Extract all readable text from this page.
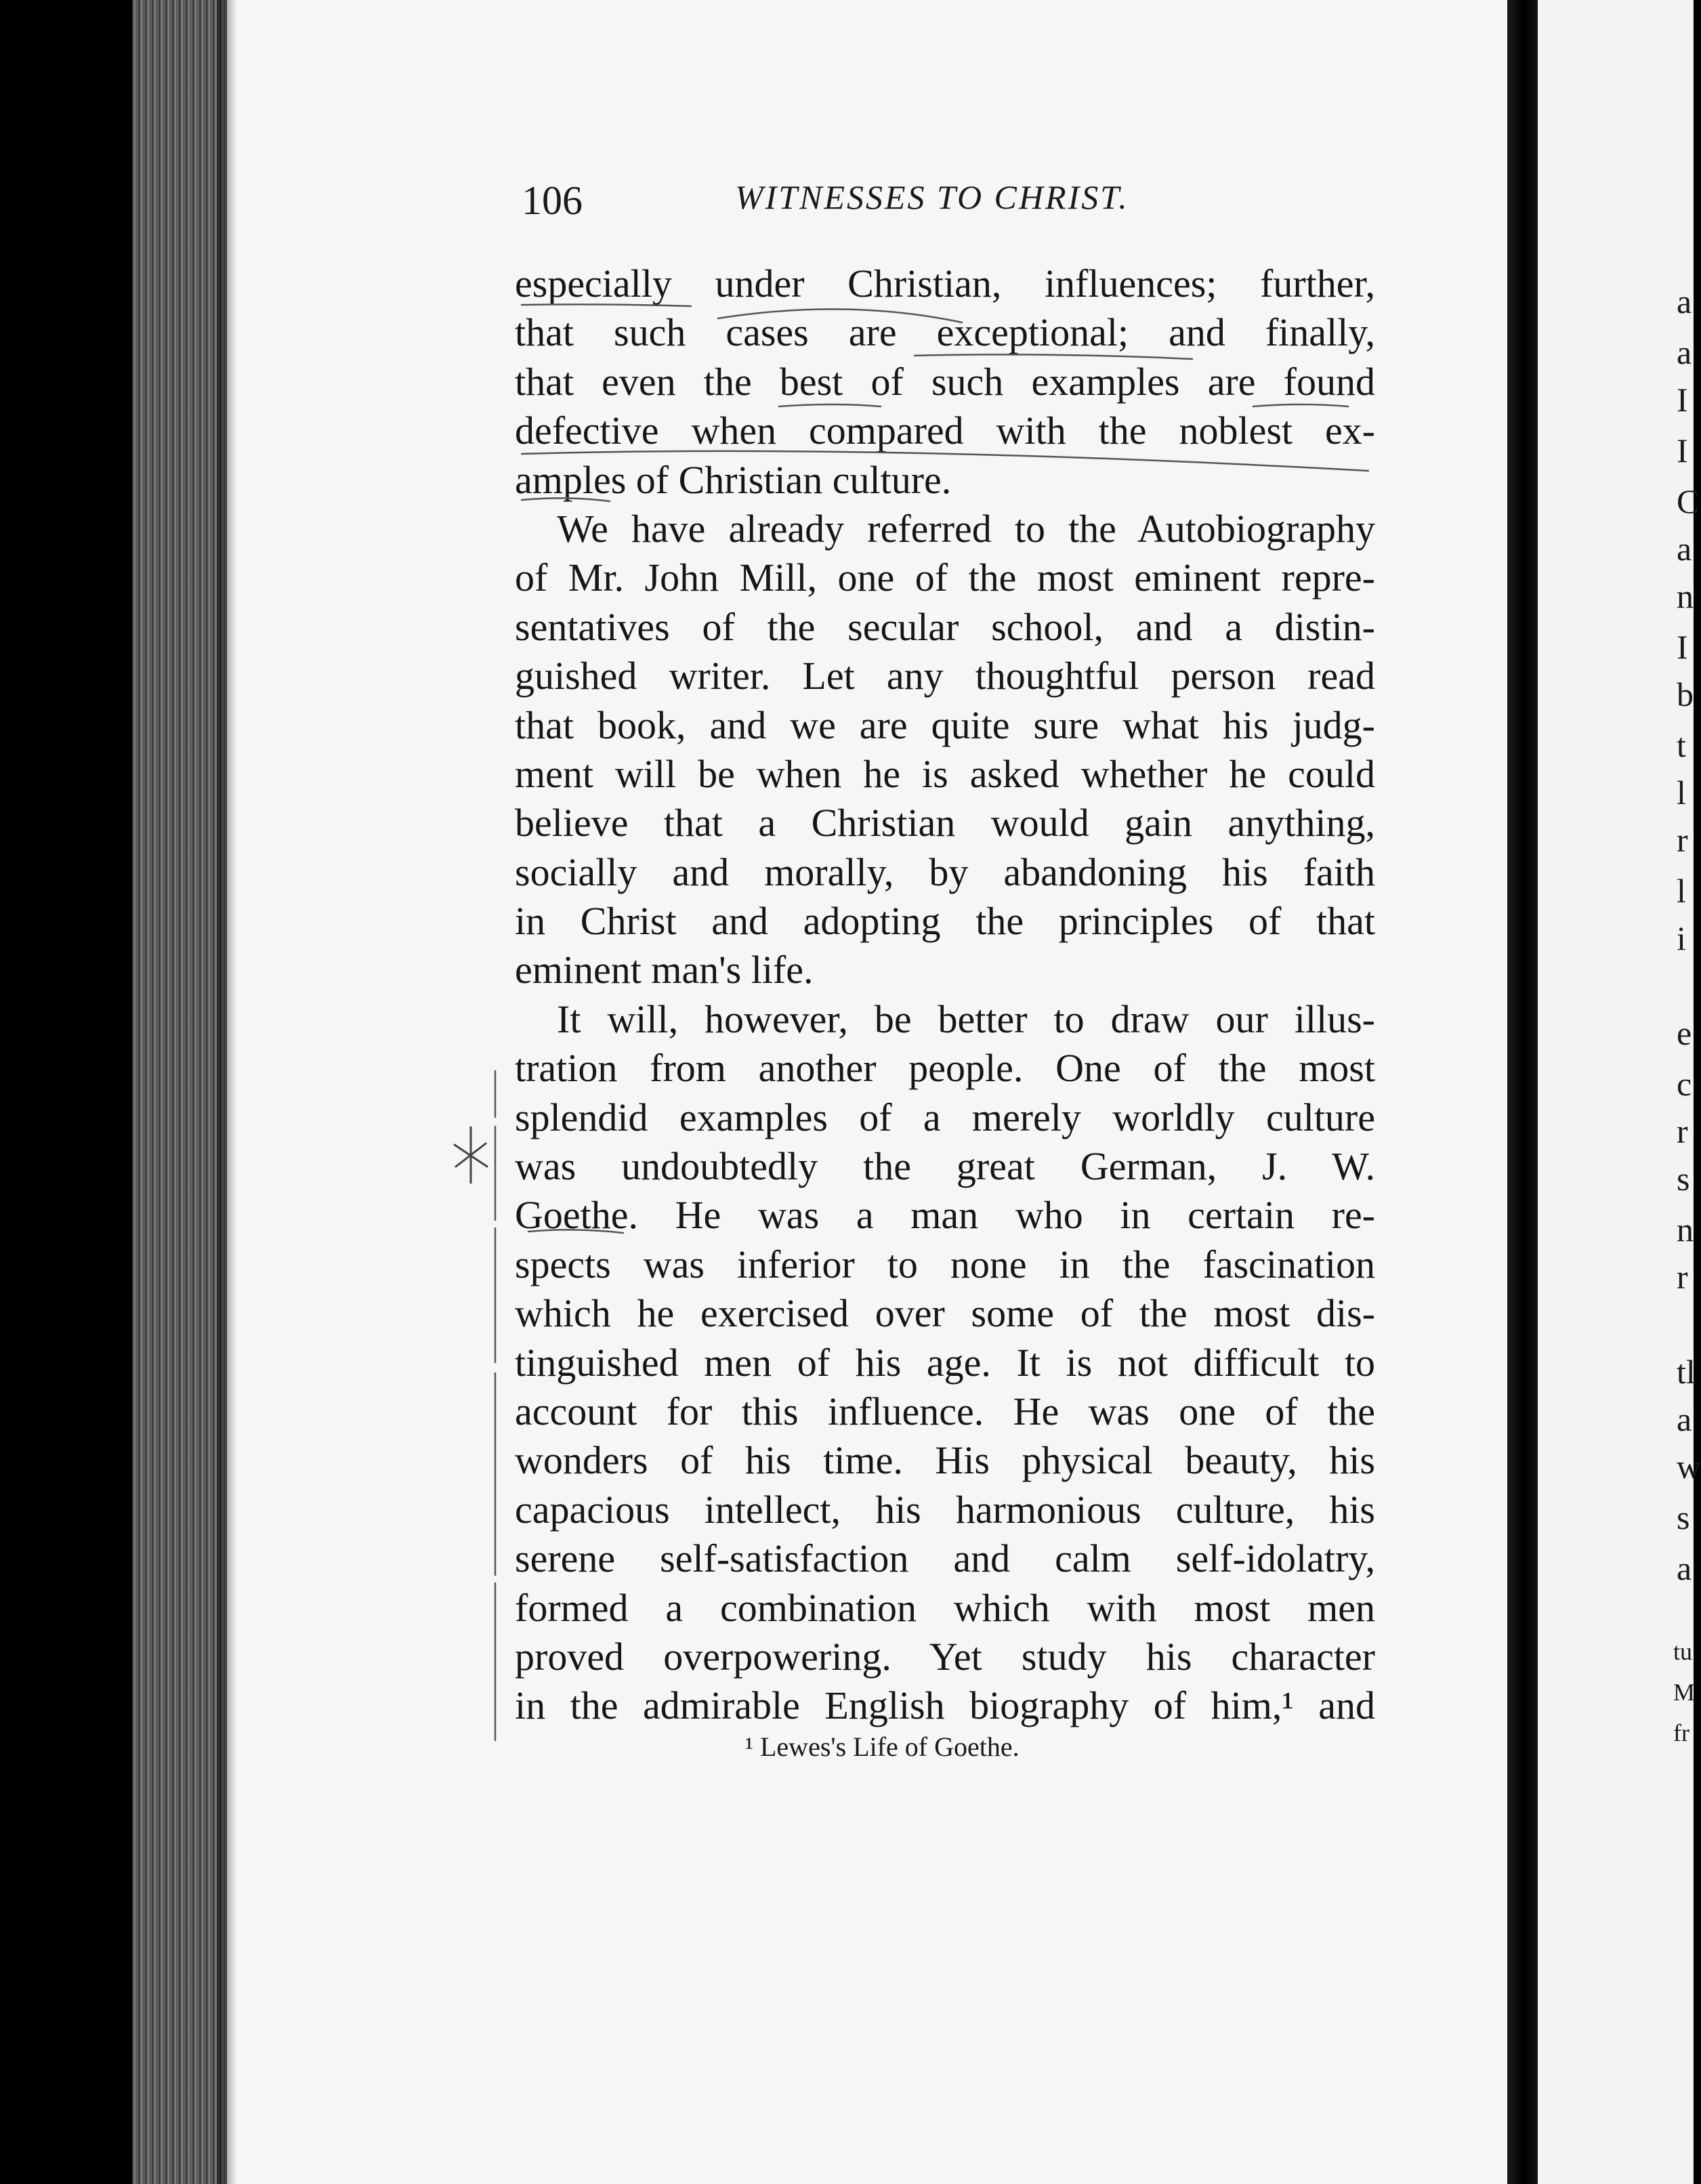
a
a
I
I
C
a
n
I
b
t
l
r
l
i
e
c
r
s
n
r
tl
a
w
s
a
tu
M
fr
106	WITNESSES TO CHRIST.
especially under Christian, influences; further,
that such cases are exceptional; and finally,
that even the best of such examples are found
defective when compared with the noblest ex-
amples of Christian culture.
We have already referred to the Autobiography
of Mr. John Mill, one of the most eminent repre-
sentatives of the secular school, and a distin-
guished writer. Let any thoughtful person read
that book, and we are quite sure what his judg-
ment will be when he is asked whether he could
believe that a Christian would gain anything,
socially and morally, by abandoning his faith
in Christ and adopting the principles of that
eminent man's life.
It will, however, be better to draw our illus-
tration from another people. One of the most
splendid examples of a merely worldly culture
was undoubtedly the great German, J. W.
Goethe. He was a man who in certain re-
spects was inferior to none in the fascination
which he exercised over some of the most dis-
tinguished men of his age. It is not difficult to
account for this influence. He was one of the
wonders of his time. His physical beauty, his
capacious intellect, his harmonious culture, his
serene self-satisfaction and calm self-idolatry,
formed a combination which with most men
proved overpowering. Yet study his character
in the admirable English biography of him,¹ and
¹ Lewes's Life of Goethe.
